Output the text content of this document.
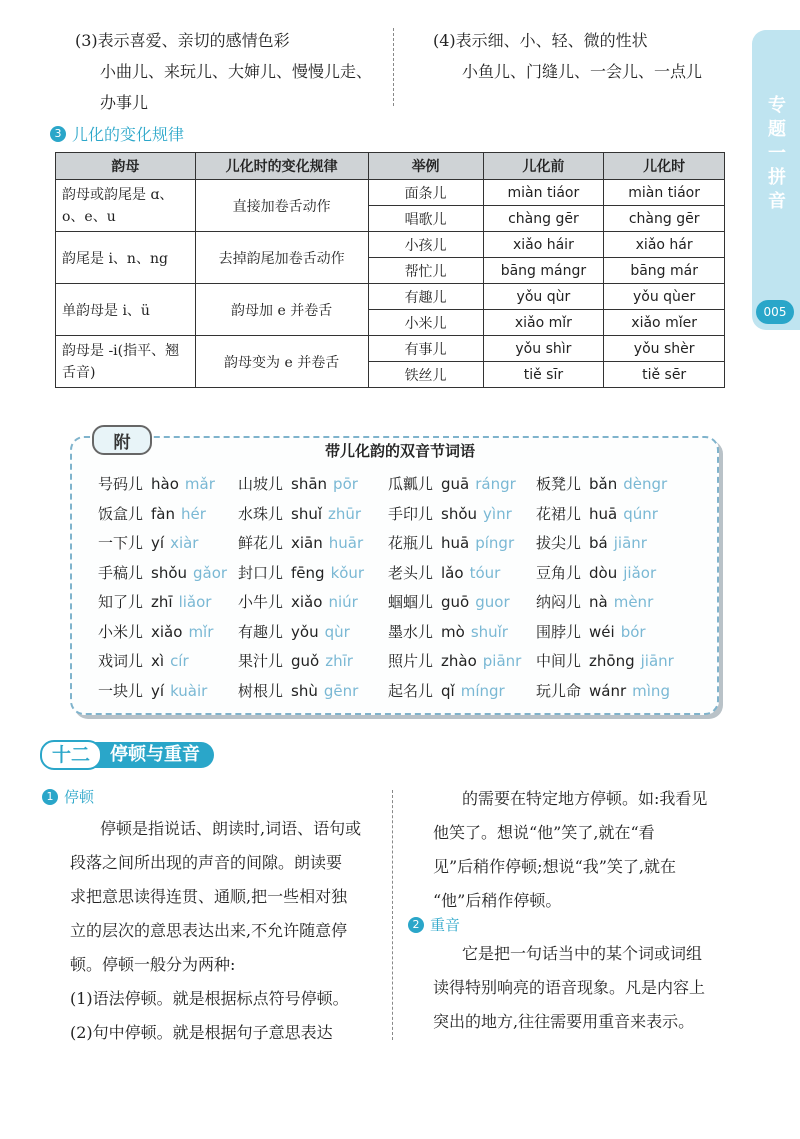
专题一拼音
005
(3)表示喜爱、亲切的感情色彩
小曲儿、来玩儿、大婶儿、慢慢儿走、
办事儿
(4)表示细、小、轻、微的性状
小鱼儿、门缝儿、一会儿、一点儿
3 儿化的变化规律
韵母	儿化时的变化规律	举例	儿化前	儿化时
韵母或韵尾是 ɑ、o、e、u	直接加卷舌动作	面条儿	miàn tiáor	miàn tiáor
		唱歌儿	chàng gēr	chàng gēr
韵尾是 i、n、ng	去掉韵尾加卷舌动作	小孩儿	xiǎo háir	xiǎo hár
		帮忙儿	bāng mángr	bāng már
单韵母是 i、ü	韵母加 e 并卷舌	有趣儿	yǒu qùr	yǒu qùer
		小米儿	xiǎo mǐr	xiǎo mǐer
韵母是 -i(指平、翘舌音)	韵母变为 e 并卷舌	有事儿	yǒu shìr	yǒu shèr
		铁丝儿	tiě sīr	tiě sēr
附	带儿化韵的双音节词语
号码儿 hào mǎr 山坡儿 shān pōr 瓜瓤儿 guā rángr 板凳儿 bǎn dèngr
饭盒儿 fàn hér 水珠儿 shuǐ zhūr 手印儿 shǒu yìnr 花裙儿 huā qúnr
一下儿 yí xiàr	鲜花儿 xiān huār 花瓶儿 huā píngr 拔尖儿 bá jiānr
手稿儿 shǒu gǎor 封口儿 fēng kǒur 老头儿 lǎo tóur 豆角儿 dòu jiǎor
知了儿 zhī liǎor 小牛儿 xiǎo niúr 蝈蝈儿 guō guor 纳闷儿 nà mènr
小米儿 xiǎo mǐr 有趣儿 yǒu qùr	墨水儿 mò shuǐr 围脖儿 wéi bór
戏词儿 xì cír	果汁儿 guǒ zhīr 照片儿 zhào piānr 中间儿 zhōng jiānr
一块儿 yí kuàir 树根儿 shù gēnr 起名儿 qǐ míngr 玩儿命 wánr mìng
十二	停顿与重音
1 停顿
停顿是指说话、朗读时,词语、语句或
段落之间所出现的声音的间隙。朗读要
求把意思读得连贯、通顺,把一些相对独
立的层次的意思表达出来,不允许随意停
顿。停顿一般分为两种:
(1)语法停顿。就是根据标点符号停顿。
(2)句中停顿。就是根据句子意思表达
的需要在特定地方停顿。如:我看见
他笑了。想说“他”笑了,就在“看
见”后稍作停顿;想说“我”笑了,就在
“他”后稍作停顿。
2 重音
它是把一句话当中的某个词或词组
读得特别响亮的语音现象。凡是内容上
突出的地方,往往需要用重音来表示。
